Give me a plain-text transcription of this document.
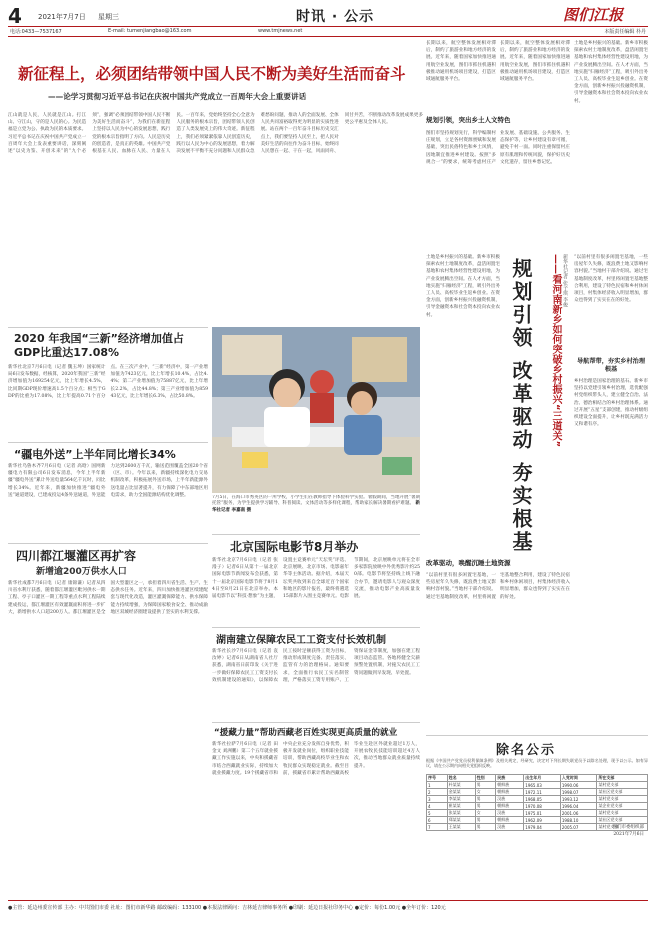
4 2021年7月7日 星期三	时讯 · 公示	图们江报
电话:0433—7537167	E-mail: tumenjiangbao@163.com	www.tmjnews.net	本版责任编辑 朴丹
新征程上，必须团结带领中国人民不断为美好生活而奋斗
——论学习贯彻习近平总书记在庆祝中国共产党成立一百周年大会上重要讲话
江山就是人民，人民就是江山。打江山、守江山，守的是人民的心。为民造福是立党为公、执政为民的本质要求。习近平总书记在庆祝中国共产党成立一百周年大会上发表重要讲话，深刻阐述“以史为鉴、开创未来”的“九个必须”，强调“必须团结带领中国人民不断为美好生活而奋斗”，为我们在新征程上坚持以人民为中心的发展思想，践行党的根本宗旨指明了方向。人民是历史的创造者，是真正的英雄。中国共产党根基在人民、血脉在人民、力量在人民。一百年来，党始终坚持全心全意为人民服务的根本宗旨，团结带领人民创造了人类发展史上的伟大奇迹。新征程上，我们必须紧紧依靠人民创造历史，践行以人民为中心的发展思想，着力解决发展不平衡不充分问题和人民群众急难愁盼问题，推动人的全面发展、全体人民共同富裕取得更为明显的实质性进展。站在两个一百年奋斗目标历史交汇点上，我们要坚持人民至上，把人民对美好生活的向往作为奋斗目标，始终同人民想在一起、干在一起，风雨同舟、同甘共苦，不断推动改革发展成果更多更公平惠及全体人民。
2020 年我国“三新”经济增加值占GDP比重达17.08%
新华社北京7月6日电（记者 魏玉坤）国家统计局6日发布数据，经核算，2020年我国“三新”经济增加值为169254亿元，比上年增长4.5%，比同期GDP现价增速高1.5个百分点；相当于GDP的比重为17.08%，比上年提高0.71个百分点。在三次产业中，“三新”经济中，第一产业增加值为7423亿元，比上年增长10.4%，占比4.4%；第二产业增加值为75887亿元，比上年增长2.2%，占比44.8%；第三产业增加值为85943亿元，比上年增长6.3%，占比50.8%。
“疆电外送”上半年同比增长34%
新华社乌鲁木齐7月6日电（记者 高晗）国网新疆电力有限公司6日发布消息，今年上半年新疆“疆电外送”累计外送电量564亿千瓦时，同比增长34%。近年来，新疆加快推进“疆电外送”通道建设，已建成投运4条外送通道，外送能力达到2600万千瓦，输送范围覆盖全国20个省（区、市）。今年以来，新疆持续深化电力交易机制改革，积极拓展外送市场，上半年新能源外送电量占比显著提升，有力保障了中东部地区用电需求，助力全国能源结构优化调整。	7月5日，在海口市秀英区的一所学校，小学生们在教师指导下体验科学实验。暑假期间，当地开展“暑期托管”服务，为学生提供学习辅导、科普阅读、文体活动等多样化课程，帮助家长解决暑期看护难题。 新华社记者 李嘉南 摄
北京国际电影节8月举办
新华社北京7月6日电（记者 张漫子）记者6日从第十一届北京国际电影节新闻发布会获悉，第十一届北京国际电影节将于8月14日至8月21日在北京举办。本届电影节以“科技·想象”为主题，设置主竞赛单元“天坛奖”评选、北京展映、北京市场、电影嘉年华等主体活动。据介绍，本届天坛奖共收到来自全球近百个国家和地区的影片报名，最终将遴选15部影片入围主竞赛单元。电影节期间，北京展映单元将在全市多家影院放映中外优秀影片约250部。电影节将坚持线上线下融合办节，邀请电影人与观众深度交流，推动电影产业高质量发展。
四川都江堰灌区再扩容
新增逾200万供水人口
新华社成都7月6日电（记者 康锦谦）记者从四川省水利厅获悉，随着都江堰灌区毗河供水一期工程、亭子口灌区一期工程等重点水利工程陆续建成投运，都江堰灌区有效灌溉面积将进一步扩大，新增供水人口超200万人。都江堰灌区是全国大型灌区之一，承担着四川省生活、生产、生态供水任务。近年来，四川加快推进灌区续建配套与现代化改造，灌区灌溉保障能力、供水保障能力持续增强，为保障国家粮食安全、推动成渝地区双城经济圈建设提供了坚实的水利支撑。
湖南建立保障农民工工资支付长效机制
新华社长沙7月6日电（记者 袁汝婷）记者6日从湖南省人社厅获悉，湖南省日前印发《关于进一步做好保障农民工工资支付长效机制建设的通知》，以保障农民工按时足额获得工资为目标，推动形成制度完备、责任落实、监管有力的治理格局。通知要求，全面推行农民工实名制管理，严格落实工资专用账户、工资保证金等制度，加强在建工程项目动态监管。各地将健全欠薪预警处置机制，对拖欠农民工工资问题做到早发现、早处置。
“援藏力量”帮助西藏老百姓实现更高质量的就业
新华社拉萨7月6日电（记者 田金文 刘洲鹏）第二个五年就业援藏工作实施以来，中央和援藏省市结合西藏就业实际，持续加大就业援藏力度。19个援藏省市和中央企业充分发挥自身优势，积极开发就业岗位，组织职业技能培训，帮助西藏高校毕业生和农牧民群众实现稳定就业。截至目前，援藏省市累计帮助西藏高校毕业生赴区外就业超过1万人，开展农牧民技能培训超过4万人次，推动当地群众就业质量持续提升。
长期以来，航空整体发展相对滞后，制约了旅游业和地方经济的发展。近年来，随着国家加快推进通用航空业发展，图们市抓住机遇积极推动通用机场项目建设，打造区域通航服务平台。
长期以来，航空整体发展相对滞后，制约了旅游业和地方经济的发展。近年来，随着国家加快推进通用航空业发展，图们市抓住机遇积极推动通用机场项目建设，打造区域通航服务平台。
规划引领，突出乡土人文特色
图们市坚持规划先行，科学编制村庄规划，立足各村资源禀赋和发展基础，突出民俗特色和乡土风情，因地制宜推进乡村建设。按照“多规合一”的要求，统筹考虑村庄产业发展、基础设施、公共服务、生态保护等，让乡村建设有章可循，避免千村一面。同时注重保留村庄原有肌理和传统风貌，保护好历史文化遗存，留住乡愁记忆。
土地是乡村振兴的基础。新乡市积极探索农村土地制度改革，盘活闲置宅基地和农村集体经营性建设用地，为产业发展腾出空间。在人才方面，当地实施“归雁经济”工程，吸引外出务工人员、高校毕业生返乡创业。在资金方面，创新乡村振兴投融资机制，引导金融资本和社会资本投向农业农村。
土地是乡村振兴的基础。新乡市积极探索农村土地制度改革，盘活闲置宅基地和农村集体经营性建设用地，为产业发展腾出空间。在人才方面，当地实施“归雁经济”工程，吸引外出务工人员、高校毕业生返乡创业。在资金方面，创新乡村振兴投融资机制，引导金融资本和社会资本投向农业农村。	规划引领 改革驱动 夯实根基	——看河南新乡如何突破乡村振兴“三道关” 新华社记者 张子琪 李俊 “以前村里有很多闲置宅基地，一些房屋年久失修，既浪费土地又影响村容村貌。”当地村干部介绍说。通过宅基地制度改革，村里将闲置宅基地整合利用，建设了特色民宿和乡村休闲项目，村集体经济收入明显增加，群众也得到了实实在在的好处。
导航帮带，夯实乡村治理根基
乡村治理是国家治理的基石。新乡市坚持以党建引领乡村治理，选优配强村党组织带头人，建立健全自治、法治、德治相结合的乡村治理体系。通过开展“五星”支部创建，推动村级组织建设全面提升，让乡村既充满活力又和谐有序。
改革驱动，唤醒沉睡土地资源
“以前村里有很多闲置宅基地，一些房屋年久失修，既浪费土地又影响村容村貌。”当地村干部介绍说。通过宅基地制度改革，村里将闲置宅基地整合利用，建设了特色民宿和乡村休闲项目，村集体经济收入明显增加，群众也得到了实实在在的好处。
除名公示
根据《中国共产党党员权利保障条例》及相关规定，经研究，决定对下列长期失联党员予以除名处理，现予以公示。如有异议，请在公示期内向相关党组织反映。
序号	姓名	性别	民族	出生年月	入党时间	所在支部
1	朴某某	男	朝鲜族	1965.03	1990.06	某村党支部
2	金某某	女	朝鲜族	1972.11	1998.07	某社区党支部
3	李某某	男	汉族	1968.05	1993.12	某村党支部
4	崔某某	男	朝鲜族	1970.08	1996.04	某企业党支部
5	张某某	女	汉族	1975.01	2001.06	某村党支部
6	郑某某	男	朝鲜族	1962.09	1988.10	某社区党支部
7	王某某	男	汉族	1979.04	2005.07	某村党支部
图们市委组织部
2021年7月6日
●主管：延边州委宣传部 主办：中共图们市委 社址：图们市新华路 邮政编码：133100 ●本报法律顾问：吉林延吉律师事务所 ●印刷：延边日报社印务中心 ●定价：每份1.00元 ●全年订价：120元
